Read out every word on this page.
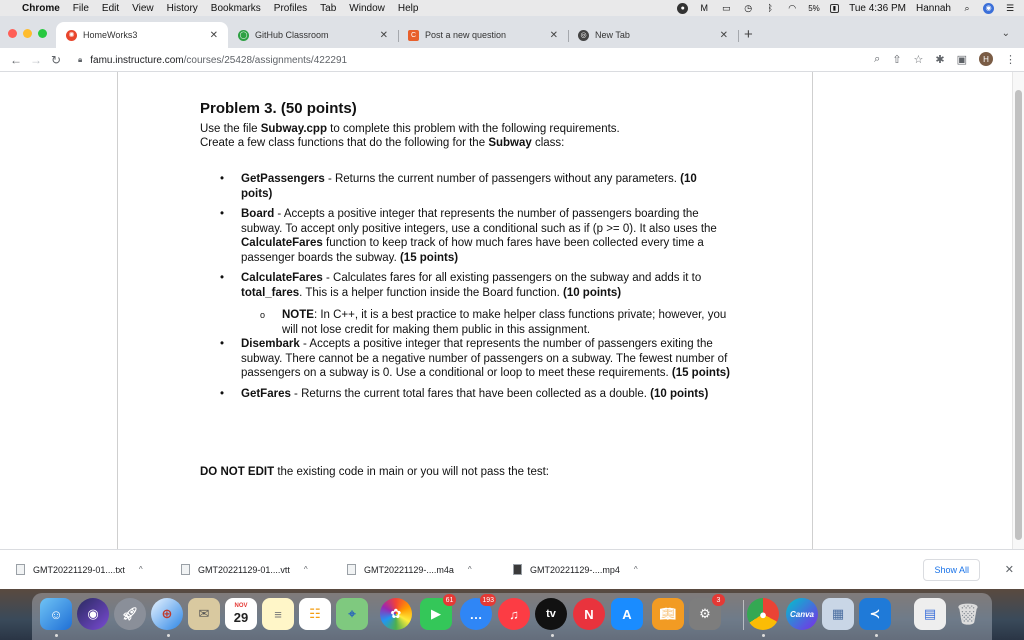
Chrome File Edit View History Bookmarks Profiles Tab Window Help	●	M ▭ ◷	ᛒ	◠ 5%	▮	Tue 4:36 PM Hannah	⌕	◉ ☰
✺ HomeWorks3	✕	◯ GitHub Classroom	✕	C Post a new question	✕	◎ New Tab	✕ +	⌄
← → ↻	🔒︎ famu.instructure.com /courses/25428/assignments/422291	⌕ ⇧ ☆ ✱ ▣	H	⋮
Problem 3. (50 points)
Use the file Subway.cpp to complete this problem with the following requirements.
Create a few class functions that do the following for the Subway class:
• GetPassengers - Returns the current number of passengers without any parameters. (10 poits)
• Board - Accepts a positive integer that represents the number of passengers boarding the subway. To accept only positive integers, use a conditional such as if (p >= 0). It also uses the CalculateFares function to keep track of how much fares have been collected every time a passenger boards the subway. (15 points)
• CalculateFares - Calculates fares for all existing passengers on the subway and adds it to total_fares. This is a helper function inside the Board function. (10 points)
o NOTE: In C++, it is a best practice to make helper class functions private; however, you will not lose credit for making them public in this assignment.
• Disembark - Accepts a positive integer that represents the number of passengers exiting the subway. There cannot be a negative number of passengers on a subway. The fewest number of passengers on a subway is 0. Use a conditional or loop to meet these requirements. (15 points)
• GetFares - Returns the current total fares that have been collected as a double. (10 points)
DO NOT EDIT the existing code in main or you will not pass the test:
GMT20221129-01....txt ^	GMT20221129-01....vtt ^	GMT20221129-....m4a ^	GMT20221129-....mp4 ^	Show All	✕
☺	◉	🚀︎	⊕	✉	NOV
29	≡	☷	⌖	✿	▶
61
…
193
♫	tv	N	A	📖︎	⚙
3
●	Canva	▦	≺	▤ 🗑︎
